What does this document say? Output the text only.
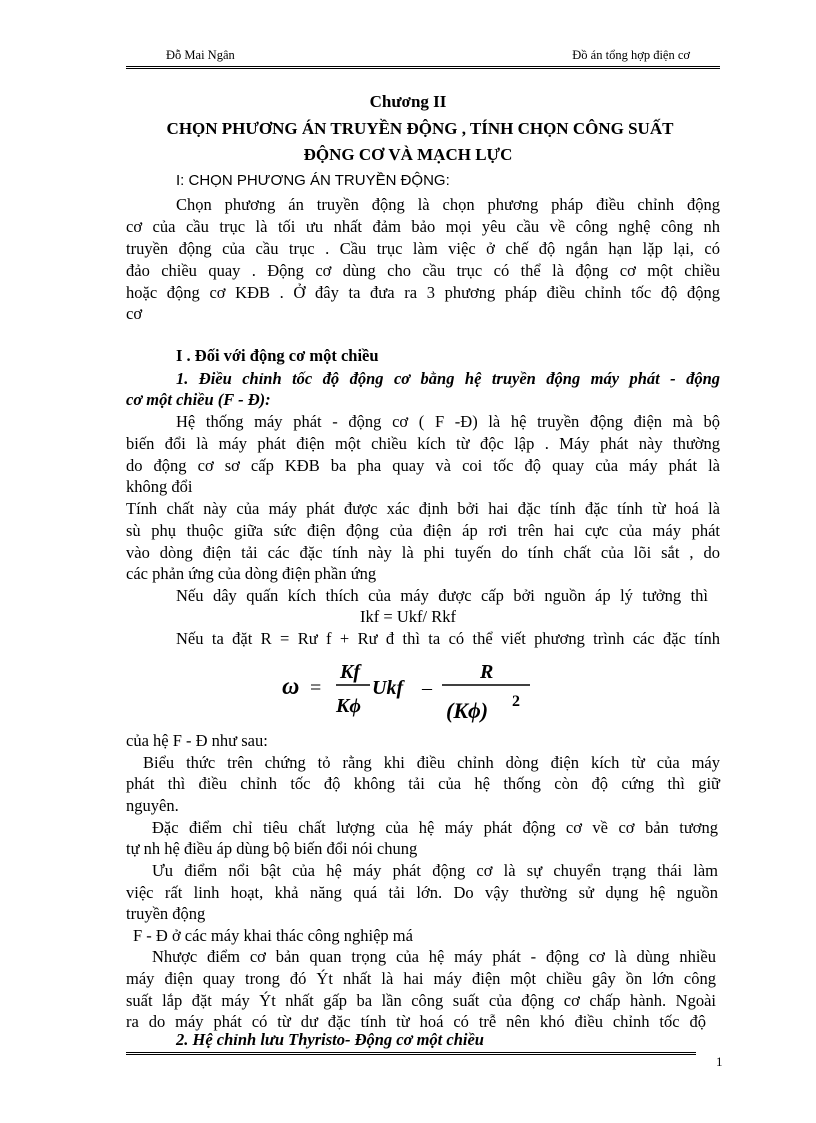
Đỗ Mai Ngân	Đồ án tổng hợp điện cơ
Chương II
CHỌN PHƯƠNG ÁN TRUYỀN ĐỘNG , TÍNH CHỌN CÔNG SUẤT
ĐỘNG CƠ VÀ MẠCH LỰC
I: CHỌN PHƯƠNG ÁN TRUYỀN ĐỘNG:
Chọn phương án truyền động là chọn phương pháp điều chỉnh động
cơ của cầu trục là tối ưu nhất đảm bảo mọi yêu cầu về công nghệ công nh
truyền động của cầu trục . Cầu trục làm việc ở chế độ ngắn hạn lặp lại, có
đảo chiều quay . Động cơ dùng cho cầu trục có thể là động cơ một chiều
hoặc động cơ KĐB . Ở đây ta đưa ra 3 phương pháp điều chỉnh tốc độ động
cơ
I . Đối với động cơ một chiều
1. Điều chỉnh tốc độ động cơ bằng hệ truyền động máy phát - động
cơ một chiều (F - Đ):
Hệ thống máy phát - động cơ ( F -Đ) là hệ truyền động điện mà bộ
biến đổi là máy phát điện một chiều kích từ độc lập . Máy phát này thường
do động cơ sơ cấp KĐB ba pha quay và coi tốc độ quay của máy phát là
không đổi
Tính chất này của máy phát được xác định bởi hai đặc tính đặc tính từ hoá là
sù phụ thuộc giữa sức điện động của điện áp rơi trên hai cực của máy phát
vào dòng điện tải các đặc tính này là phi tuyến do tính chất của lõi sắt , do
các phản ứng của dòng điện phần ứng
Nếu dây quấn kích thích của máy được cấp bởi nguồn áp lý tưởng thì
Ikf = Ukf/ Rkf
Nếu ta đặt R = Rư f + Rư đ thì ta có thể viết phương trình các đặc tính
ω =
Kf
Kϕ
Ukf –
R
(Kϕ) 2
của hệ F - Đ như sau:
Biểu thức trên chứng tỏ rằng khi điều chỉnh dòng điện kích từ của máy
phát thì điều chỉnh tốc độ không tải của hệ thống còn độ cứng thì giữ
nguyên.
Đặc điểm chỉ tiêu chất lượng của hệ máy phát động cơ về cơ bản tương
tự nh hệ điều áp dùng bộ biến đổi nói chung
Ưu điểm nổi bật của hệ máy phát động cơ là sự chuyển trạng thái làm
việc rất linh hoạt, khả năng quá tải lớn. Do vậy thường sử dụng hệ nguồn
truyền động
F - Đ ở các máy khai thác công nghiệp má
Nhược điểm cơ bản quan trọng của hệ máy phát - động cơ là dùng nhiều
máy điện quay trong đó Ýt nhất là hai máy điện một chiều gây ồn lớn công
suất lắp đặt máy Ýt nhất gấp ba lần công suất của động cơ chấp hành. Ngoài
ra do máy phát có từ dư đặc tính từ hoá có trễ nên khó điều chỉnh tốc độ
2. Hệ chỉnh lưu Thyristo- Động cơ một chiều
1
